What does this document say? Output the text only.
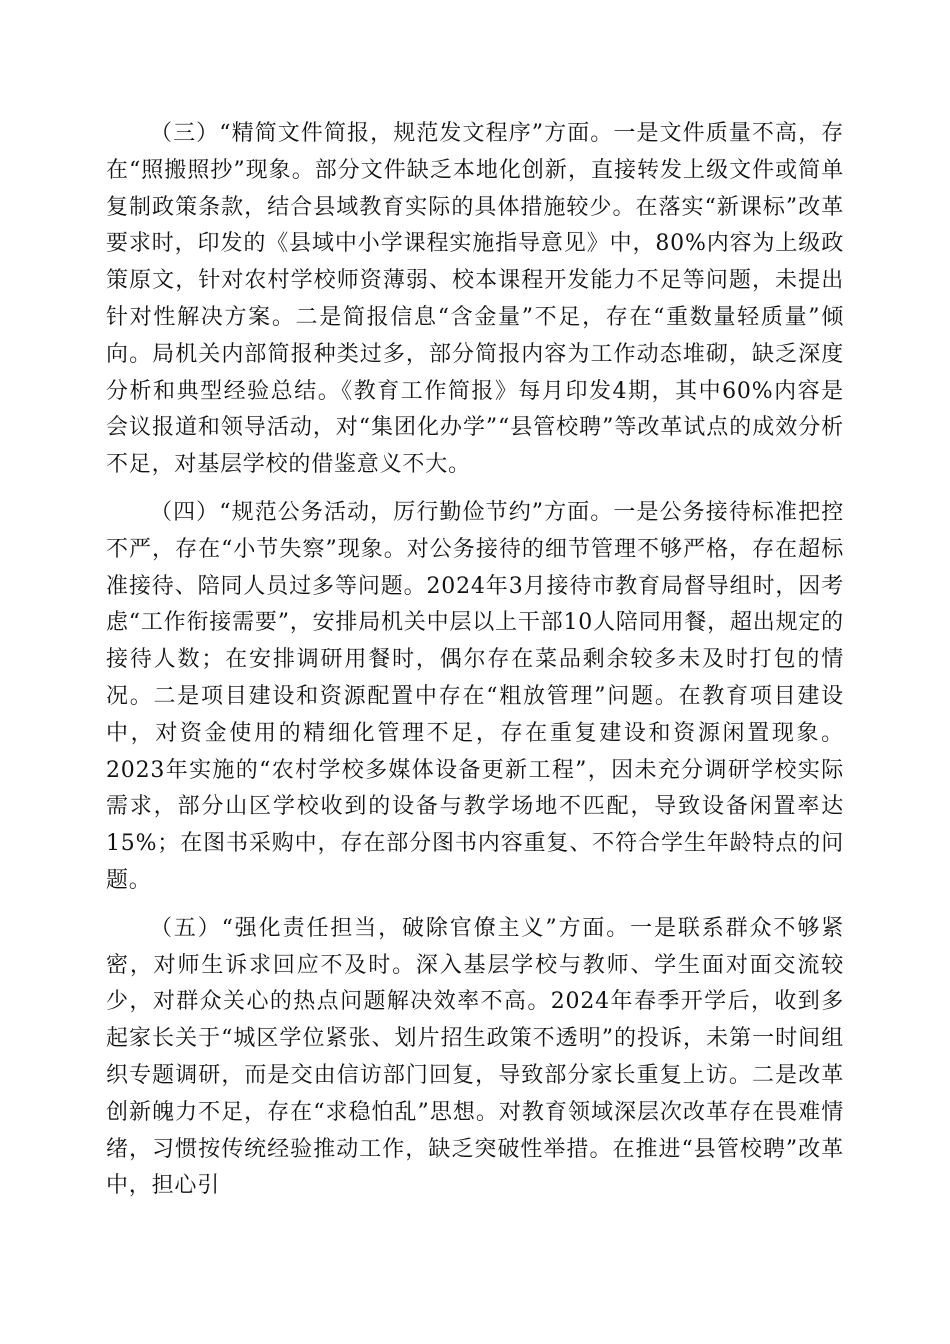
（三）“精简文件简报，规范发文程序”方面。一是文件质量不高，存在“照搬照抄”现象。部分文件缺乏本地化创新，直接转发上级文件或简单复制政策条款，结合县域教育实际的具体措施较少。在落实“新课标”改革要求时，印发的《县域中小学课程实施指导意见》中，80%内容为上级政策原文，针对农村学校师资薄弱、校本课程开发能力不足等问题，未提出针对性解决方案。二是简报信息“含金量”不足，存在“重数量轻质量”倾向。局机关内部简报种类过多，部分简报内容为工作动态堆砌，缺乏深度分析和典型经验总结。《教育工作简报》每月印发4期，其中60%内容是会议报道和领导活动，对“集团化办学”“县管校聘”等改革试点的成效分析不足，对基层学校的借鉴意义不大。

（四）“规范公务活动，厉行勤俭节约”方面。一是公务接待标准把控不严，存在“小节失察”现象。对公务接待的细节管理不够严格，存在超标准接待、陪同人员过多等问题。2024年3月接待市教育局督导组时，因考虑“工作衔接需要”，安排局机关中层以上干部10人陪同用餐，超出规定的接待人数；在安排调研用餐时，偶尔存在菜品剩余较多未及时打包的情况。二是项目建设和资源配置中存在“粗放管理”问题。在教育项目建设中，对资金使用的精细化管理不足，存在重复建设和资源闲置现象。2023年实施的“农村学校多媒体设备更新工程”，因未充分调研学校实际需求，部分山区学校收到的设备与教学场地不匹配，导致设备闲置率达15%；在图书采购中，存在部分图书内容重复、不符合学生年龄特点的问题。

（五）“强化责任担当，破除官僚主义”方面。一是联系群众不够紧密，对师生诉求回应不及时。深入基层学校与教师、学生面对面交流较少，对群众关心的热点问题解决效率不高。2024年春季开学后，收到多起家长关于“城区学位紧张、划片招生政策不透明”的投诉，未第一时间组织专题调研，而是交由信访部门回复，导致部分家长重复上访。二是改革创新魄力不足，存在“求稳怕乱”思想。对教育领域深层次改革存在畏难情绪，习惯按传统经验推动工作，缺乏突破性举措。在推进“县管校聘”改革中，担心引
